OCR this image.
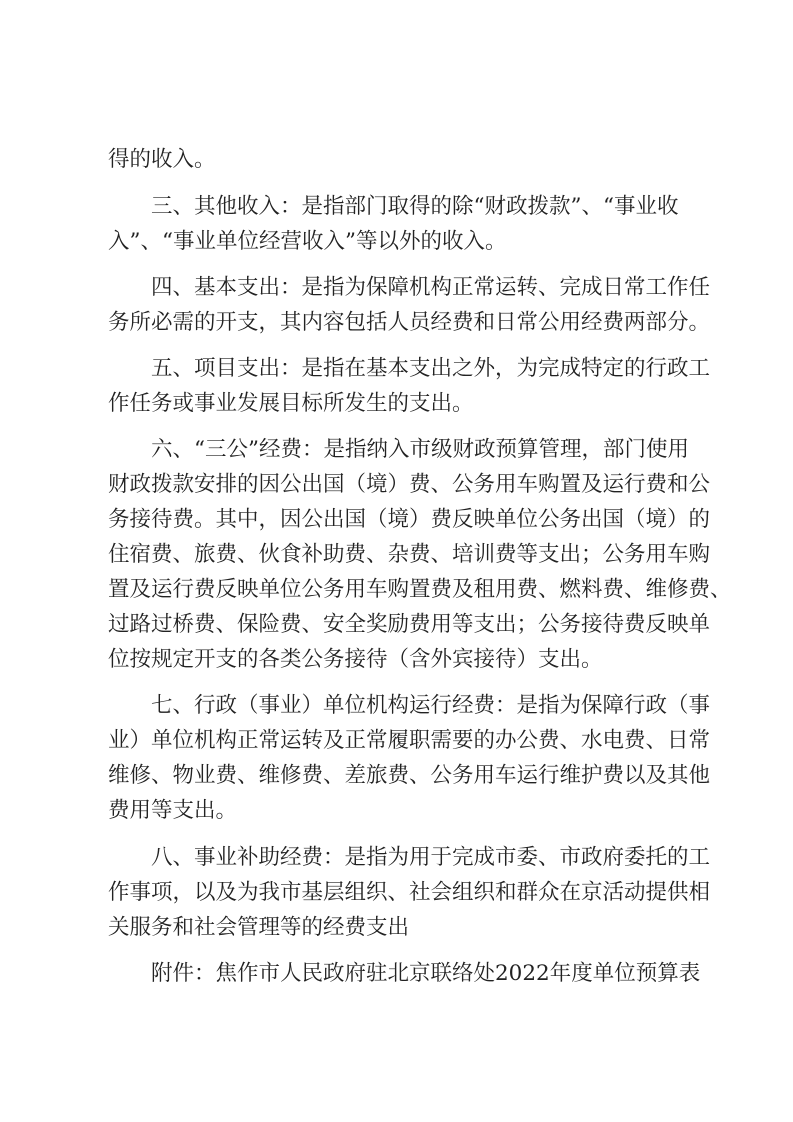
得的收入。
三、其他收入：是指部门取得的除“财政拨款”、“事业收
入”、“事业单位经营收入”等以外的收入。
四、基本支出：是指为保障机构正常运转、完成日常工作任
务所必需的开支，其内容包括人员经费和日常公用经费两部分。
五、项目支出：是指在基本支出之外，为完成特定的行政工
作任务或事业发展目标所发生的支出。
六、“三公”经费：是指纳入市级财政预算管理，部门使用
财政拨款安排的因公出国（境）费、公务用车购置及运行费和公
务接待费。其中，因公出国（境）费反映单位公务出国（境）的
住宿费、旅费、伙食补助费、杂费、培训费等支出；公务用车购
置及运行费反映单位公务用车购置费及租用费、燃料费、维修费、
过路过桥费、保险费、安全奖励费用等支出；公务接待费反映单
位按规定开支的各类公务接待（含外宾接待）支出。
七、行政（事业）单位机构运行经费：是指为保障行政（事
业）单位机构正常运转及正常履职需要的办公费、水电费、日常
维修、物业费、维修费、差旅费、公务用车运行维护费以及其他
费用等支出。
八、事业补助经费：是指为用于完成市委、市政府委托的工
作事项，以及为我市基层组织、社会组织和群众在京活动提供相
关服务和社会管理等的经费支出
附件：焦作市人民政府驻北京联络处2022年度单位预算表
